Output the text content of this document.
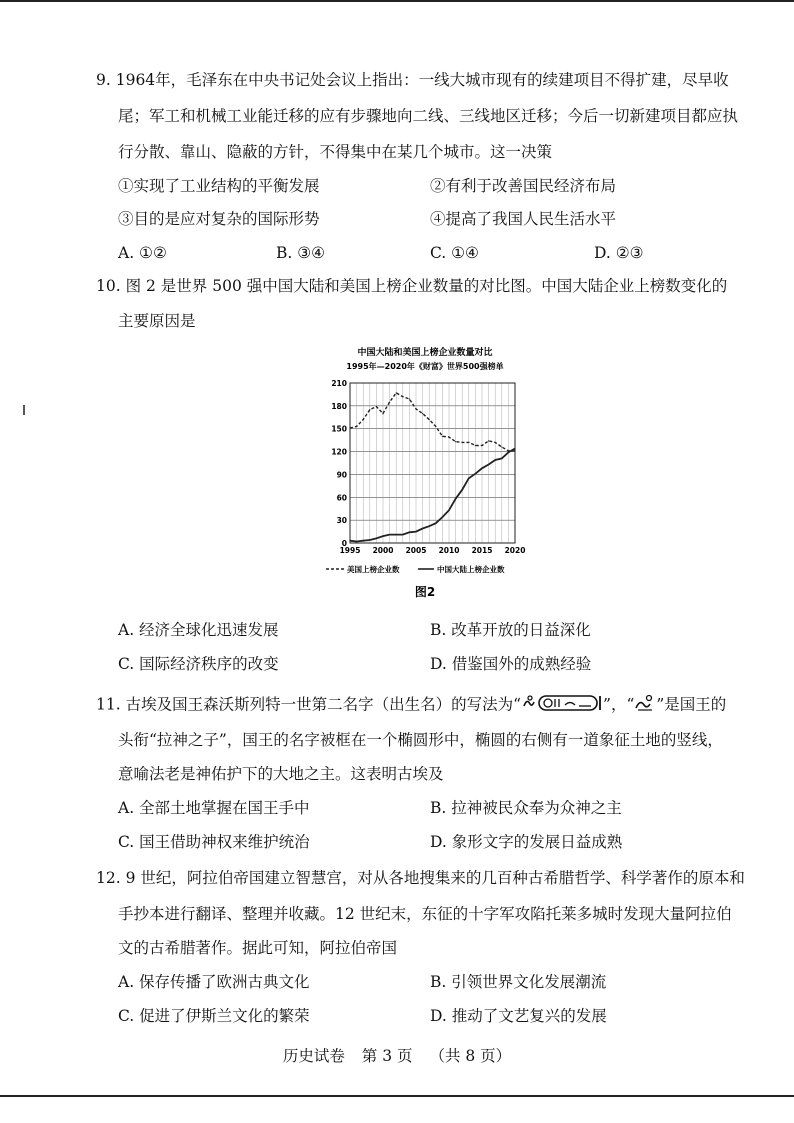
9. 1964年，毛泽东在中央书记处会议上指出：一线大城市现有的续建项目不得扩建，尽早收
尾；军工和机械工业能迁移的应有步骤地向二线、三线地区迁移；今后一切新建项目都应执
行分散、靠山、隐蔽的方针，不得集中在某几个城市。这一决策
①实现了工业结构的平衡发展	②有利于改善国民经济布局
③目的是应对复杂的国际形势	④提高了我国人民生活水平
A. ①②	B. ③④	C. ①④	D. ②③
10. 图 2 是世界 500 强中国大陆和美国上榜企业数量的对比图。中国大陆企业上榜数变化的
主要原因是
中国大陆和美国上榜企业数量对比
1995年—2020年《财富》世界500强榜单
0
30
60
90
120
150
180
210
1995 2000 2005 2010 2015 2020
美国上榜企业数	中国大陆上榜企业数
图2
A. 经济全球化迅速发展	B. 改革开放的日益深化
C. 国际经济秩序的改变	D. 借鉴国外的成熟经验
11. 古埃及国王森沃斯列特一世第二名字（出生名）的写法为“	”，“ ”是国王的
头衔“拉神之子”，国王的名字被框在一个椭圆形中，椭圆的右侧有一道象征土地的竖线，
意喻法老是神佑护下的大地之主。这表明古埃及
A. 全部土地掌握在国王手中	B. 拉神被民众奉为众神之主
C. 国王借助神权来维护统治	D. 象形文字的发展日益成熟
12. 9 世纪，阿拉伯帝国建立智慧宫，对从各地搜集来的几百种古希腊哲学、科学著作的原本和
手抄本进行翻译、整理并收藏。12 世纪末，东征的十字军攻陷托莱多城时发现大量阿拉伯
文的古希腊著作。据此可知，阿拉伯帝国
A. 保存传播了欧洲古典文化	B. 引领世界文化发展潮流
C. 促进了伊斯兰文化的繁荣	D. 推动了文艺复兴的发展
历史试卷 第 3 页 （共 8 页）
